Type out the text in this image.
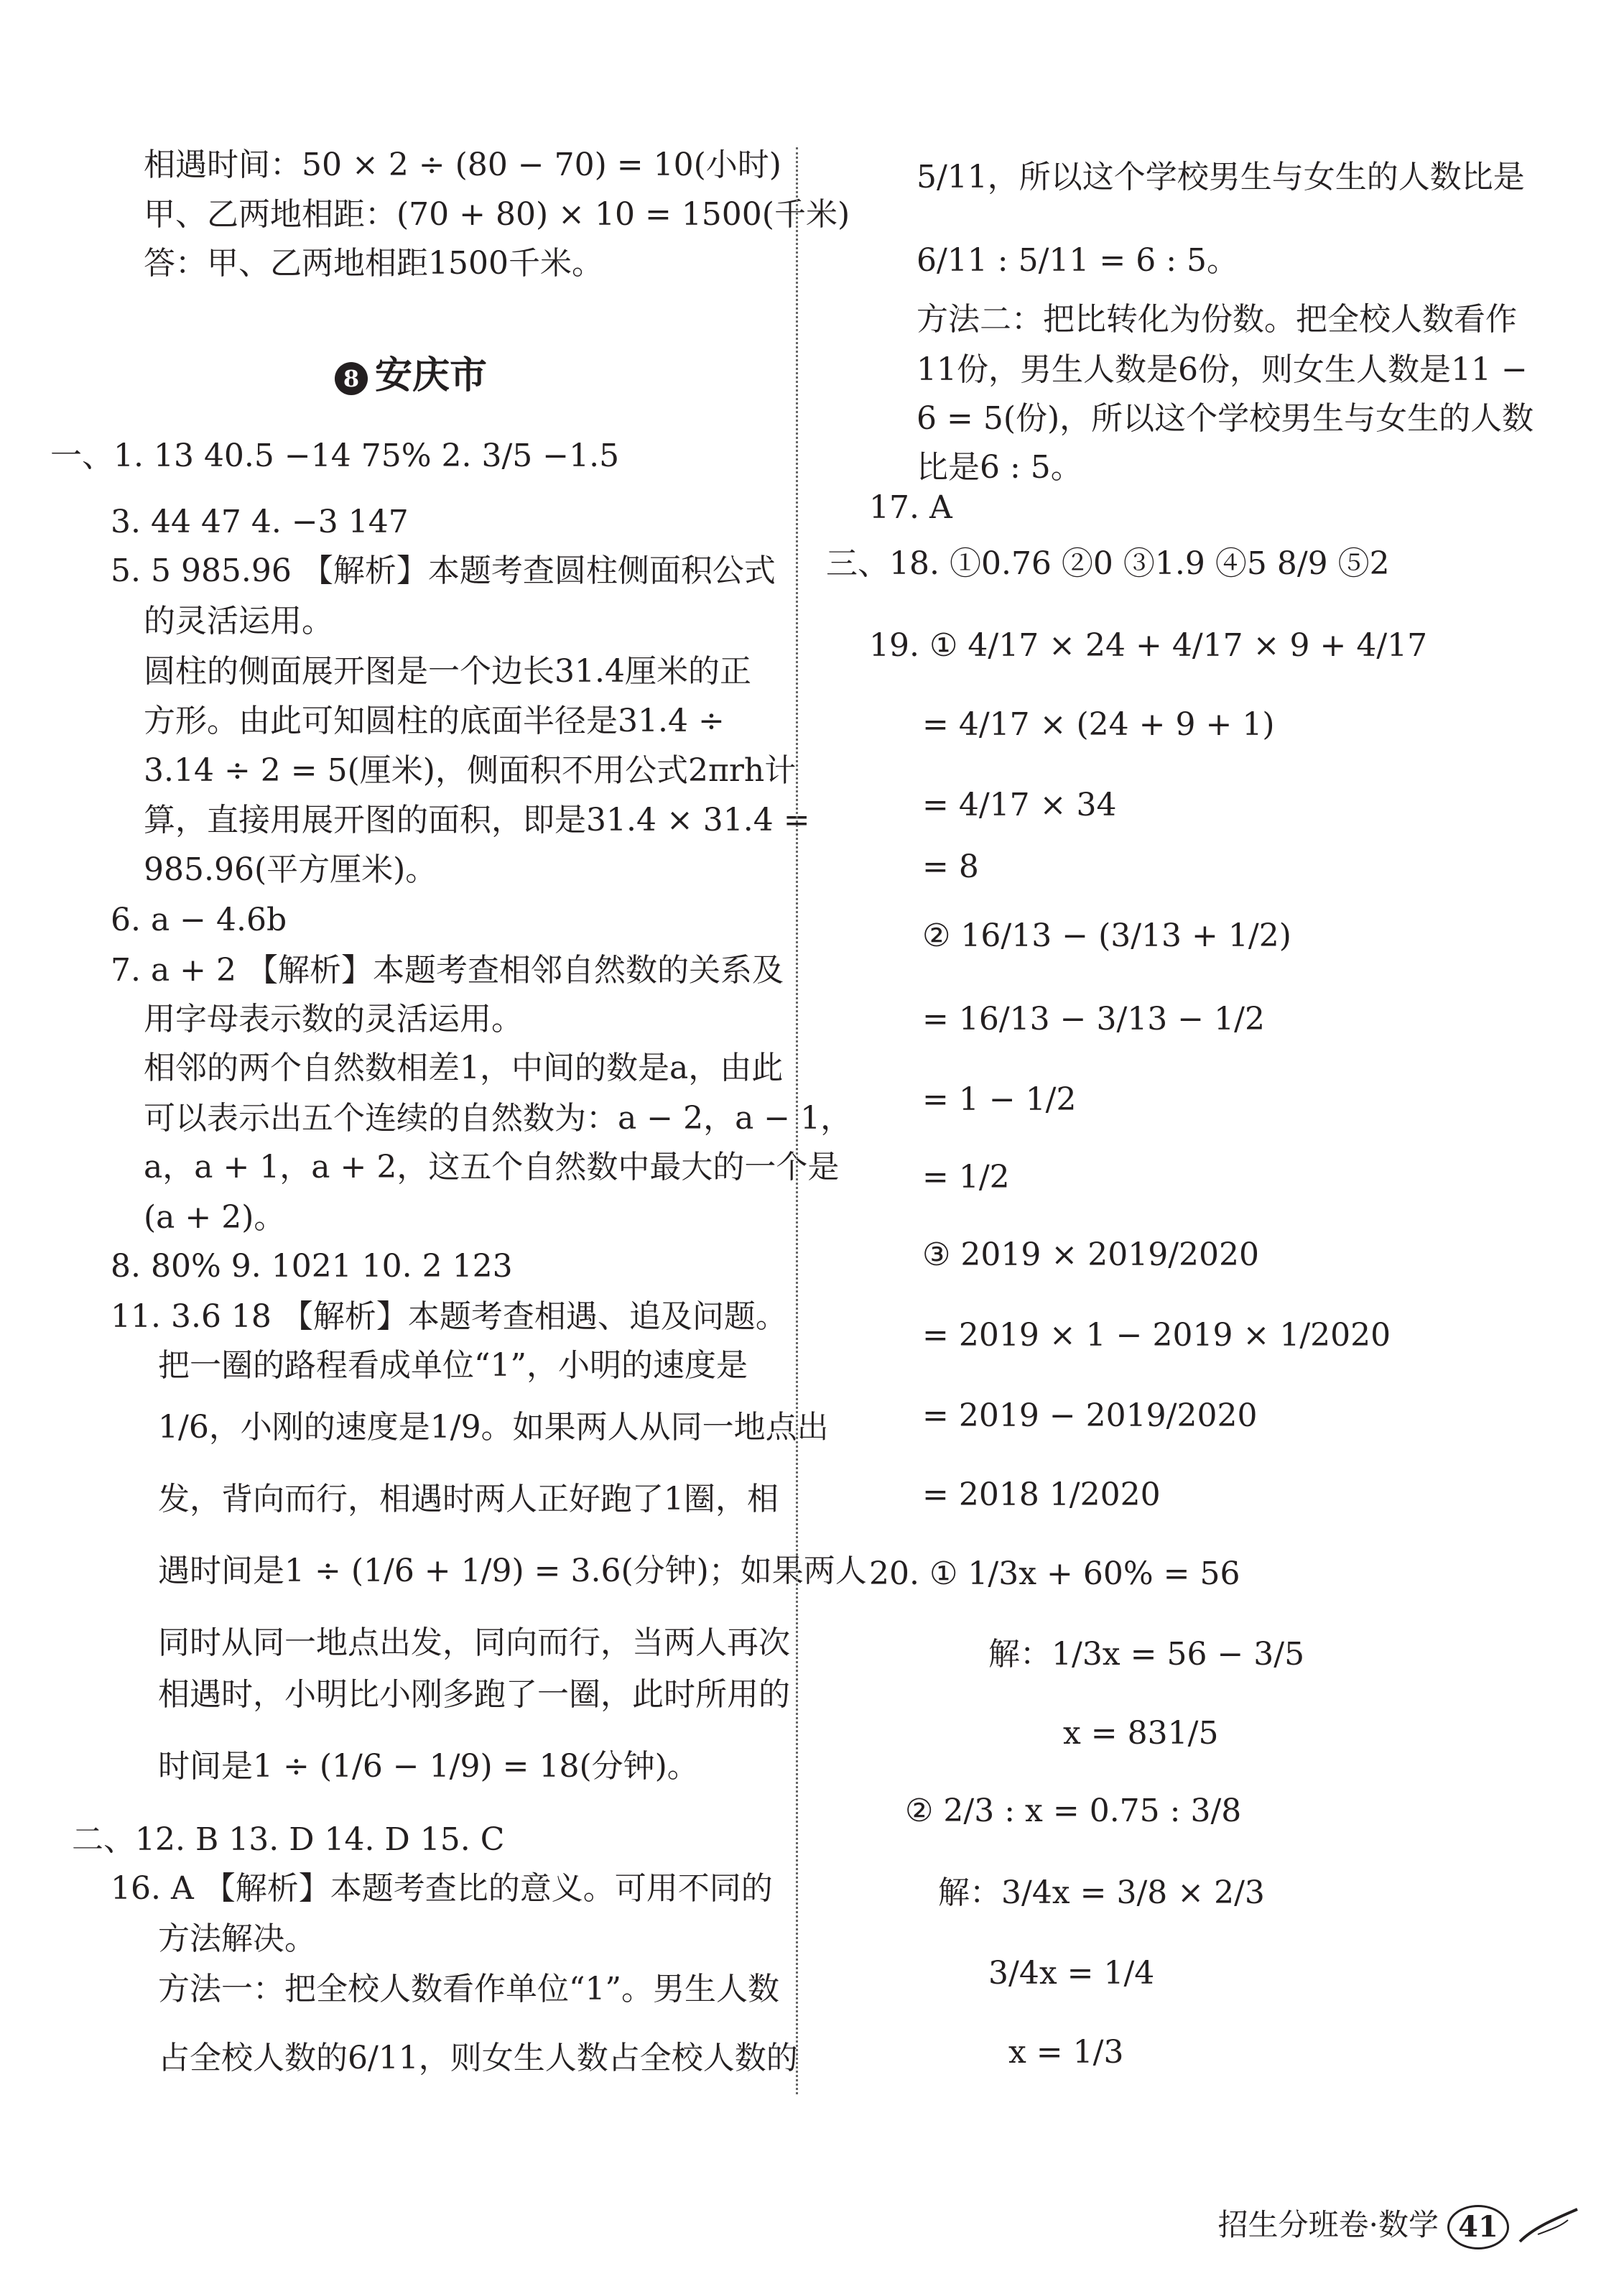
相遇时间：50 × 2 ÷ (80 − 70) = 10(小时)
甲、乙两地相距：(70 + 80) × 10 = 1500(千米)
答：甲、乙两地相距1500千米。
8 安庆市
一、1. 13 40.5 −14 75% 2. 3/5 −1.5
3. 44 47 4. −3 147
5. 5 985.96 【解析】本题考查圆柱侧面积公式
的灵活运用。
圆柱的侧面展开图是一个边长31.4厘米的正
方形。由此可知圆柱的底面半径是31.4 ÷
3.14 ÷ 2 = 5(厘米)，侧面积不用公式2πrh计
算，直接用展开图的面积，即是31.4 × 31.4 =
985.96(平方厘米)。
6. a − 4.6b
7. a + 2 【解析】本题考查相邻自然数的关系及
用字母表示数的灵活运用。
相邻的两个自然数相差1，中间的数是a，由此
可以表示出五个连续的自然数为：a − 2，a − 1，
a，a + 1，a + 2，这五个自然数中最大的一个是
(a + 2)。
8. 80% 9. 1021 10. 2 123
11. 3.6 18 【解析】本题考查相遇、追及问题。
把一圈的路程看成单位“1”，小明的速度是
1/6，小刚的速度是1/9。如果两人从同一地点出
发，背向而行，相遇时两人正好跑了1圈，相
遇时间是1 ÷ (1/6 + 1/9) = 3.6(分钟)；如果两人
同时从同一地点出发，同向而行，当两人再次
相遇时，小明比小刚多跑了一圈，此时所用的
时间是1 ÷ (1/6 − 1/9) = 18(分钟)。
二、12. B 13. D 14. D 15. C
16. A 【解析】本题考查比的意义。可用不同的
方法解决。
方法一：把全校人数看作单位“1”。男生人数
占全校人数的6/11，则女生人数占全校人数的
5/11，所以这个学校男生与女生的人数比是
6/11 : 5/11 = 6 : 5。
方法二：把比转化为份数。把全校人数看作
11份，男生人数是6份，则女生人数是11 −
6 = 5(份)，所以这个学校男生与女生的人数
比是6 : 5。
17. A
三、18. ①0.76 ②0 ③1.9 ④5 8/9 ⑤2
19. ① 4/17 × 24 + 4/17 × 9 + 4/17
= 4/17 × (24 + 9 + 1)
= 4/17 × 34
= 8
② 16/13 − (3/13 + 1/2)
= 16/13 − 3/13 − 1/2
= 1 − 1/2
= 1/2
③ 2019 × 2019/2020
= 2019 × 1 − 2019 × 1/2020
= 2019 − 2019/2020
= 2018 1/2020
20. ① 1/3x + 60% = 56
解：1/3x = 56 − 3/5
x = 831/5
② 2/3 : x = 0.75 : 3/8
解：3/4x = 3/8 × 2/3
3/4x = 1/4
x = 1/3
招生分班卷·数学 41
